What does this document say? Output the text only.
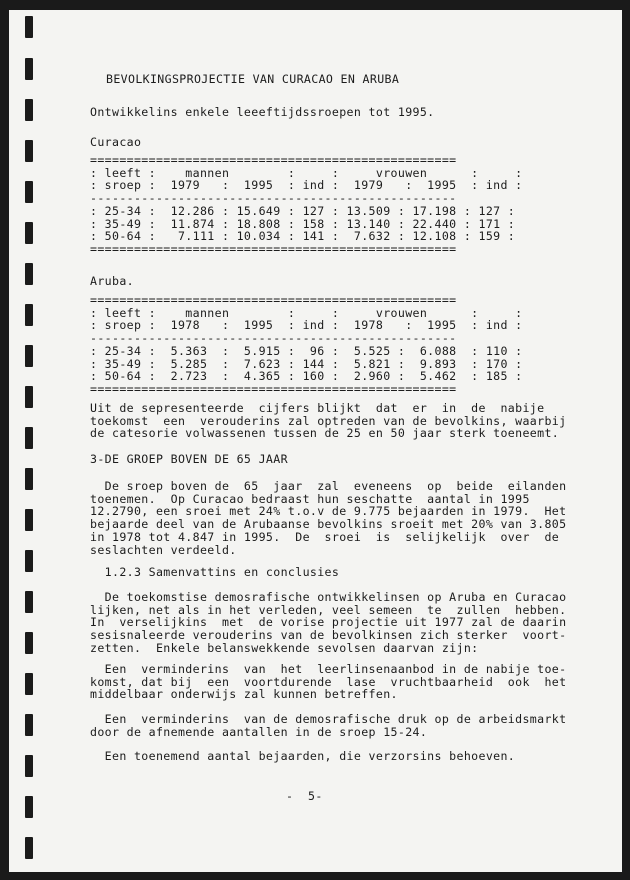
BEVOLKINGSPROJECTIE VAN CURACAO EN ARUBA
Ontwikkelins enkele leeeftijdssroepen tot 1995.
Curacao
==================================================
: leeft :    mannen        :     :     vrouwen      :     :
: sroep :  1979   :  1995  : ind :  1979   :  1995  : ind :
--------------------------------------------------
: 25-34 :  12.286 : 15.649 : 127 : 13.509 : 17.198 : 127 :
: 35-49 :  11.874 : 18.808 : 158 : 13.140 : 22.440 : 171 :
: 50-64 :   7.111 : 10.034 : 141 :  7.632 : 12.108 : 159 :
==================================================
Aruba.
==================================================
: leeft :    mannen        :     :     vrouwen      :     :
: sroep :  1978   :  1995  : ind :  1978   :  1995  : ind :
--------------------------------------------------
: 25-34 :  5.363  :  5.915 :  96 :  5.525 :  6.088  : 110 :
: 35-49 :  5.285  :  7.623 : 144 :  5.821 :  9.893  : 170 :
: 50-64 :  2.723  :  4.365 : 160 :  2.960 :  5.462  : 185 :
==================================================
Uit de sepresenteerde  cijfers blijkt  dat  er  in  de  nabije
toekomst  een  verouderins zal optreden van de bevolkins, waarbij
de catesorie volwassenen tussen de 25 en 50 jaar sterk toeneemt.
3-DE GROEP BOVEN DE 65 JAAR
De sroep boven de  65  jaar  zal  eveneens  op  beide  eilanden
toenemen.  Op Curacao bedraast hun seschatte  aantal in 1995
12.2790, een sroei met 24% t.o.v de 9.775 bejaarden in 1979.  Het
bejaarde deel van de Arubaanse bevolkins sroeit met 20% van 3.805
in 1978 tot 4.847 in 1995.  De  sroei  is  selijkelijk  over  de
seslachten verdeeld.
1.2.3 Samenvattins en conclusies
De toekomstise demosrafische ontwikkelinsen op Aruba en Curacao
lijken, net als in het verleden, veel semeen  te  zullen  hebben.
In  verselijkins  met  de vorise projectie uit 1977 zal de daarin
sesisnaleerde verouderins van de bevolkinsen zich sterker  voort-
zetten.  Enkele belanswekkende sevolsen daarvan zijn:
Een  verminderins  van  het  leerlinsenaanbod in de nabije toe-
komst, dat bij  een  voortdurende  lase  vruchtbaarheid  ook  het
middelbaar onderwijs zal kunnen betreffen.
Een  verminderins  van de demosrafische druk op de arbeidsmarkt
door de afnemende aantallen in de sroep 15-24.
Een toenemend aantal bejaarden, die verzorsins behoeven.
-  5-
